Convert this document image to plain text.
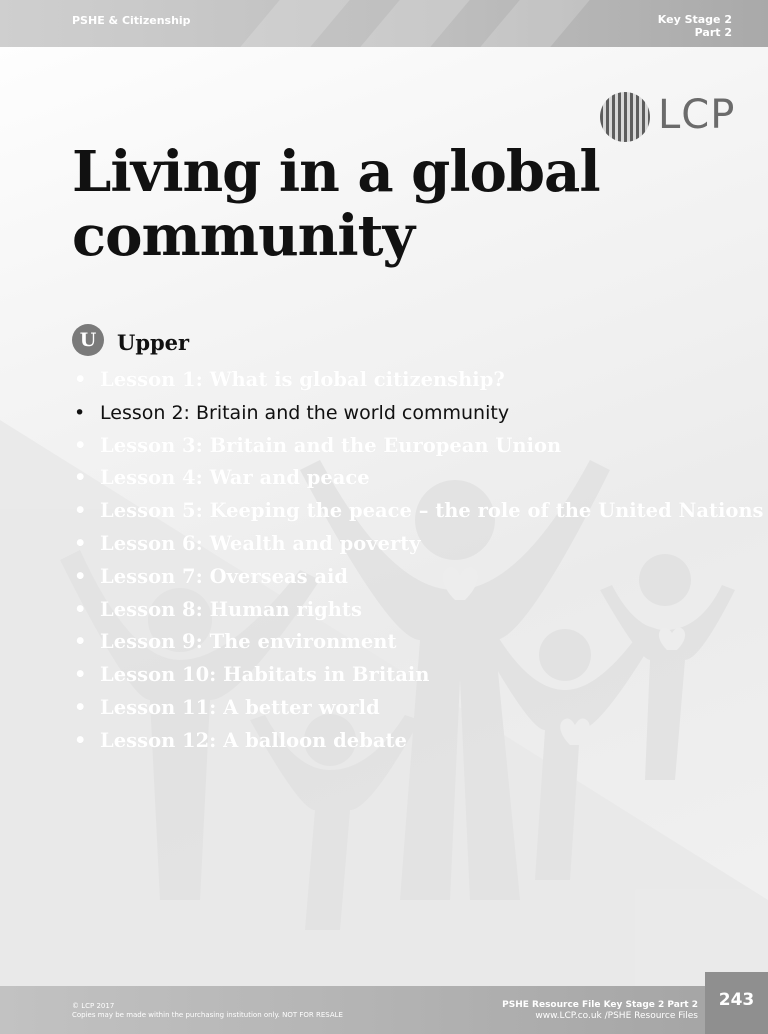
PSHE & Citizenship	Key Stage 2
Part 2
LCP
Living in a global
community
U Upper
• Lesson 1: What is global citizenship?
• Lesson 2: Britain and the world community
• Lesson 3: Britain and the European Union
• Lesson 4: War and peace
• Lesson 5: Keeping the peace – the role of the United Nations
• Lesson 6: Wealth and poverty
• Lesson 7: Overseas aid
• Lesson 8: Human rights
• Lesson 9: The environment
• Lesson 10: Habitats in Britain
• Lesson 11: A better world
• Lesson 12: A balloon debate
© LCP 2017
Copies may be made within the purchasing institution only. NOT FOR RESALE
PSHE Resource File Key Stage 2 Part 2
www.LCP.co.uk /PSHE Resource Files
243
